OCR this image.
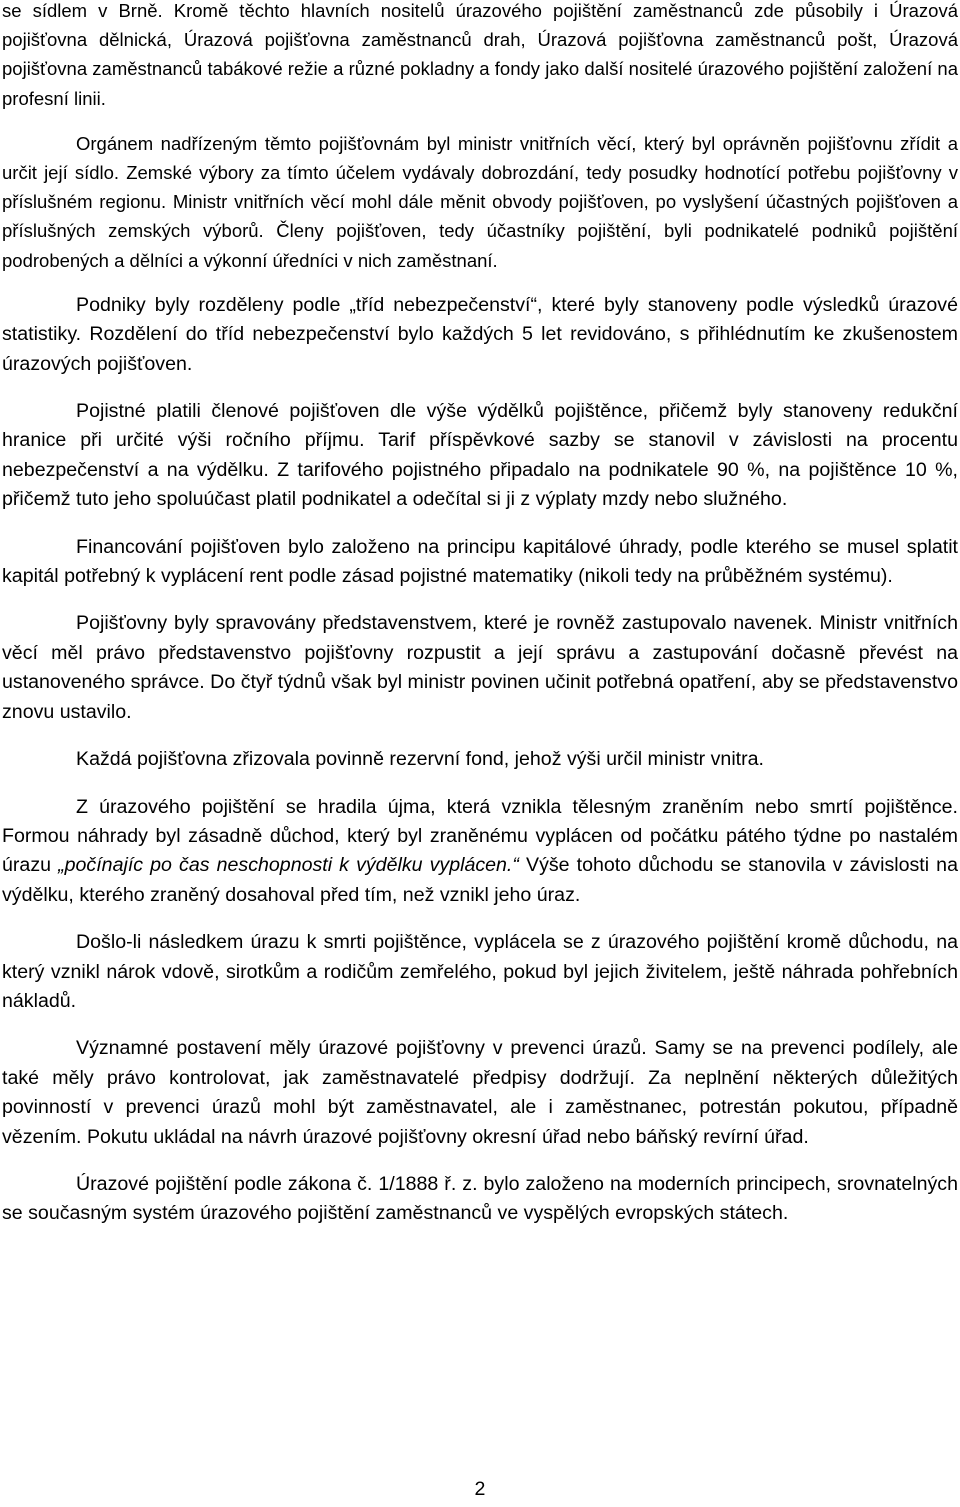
se sídlem v Brně. Kromě těchto hlavních nositelů úrazového pojištění zaměstnanců zde působily i Úrazová pojišťovna dělnická, Úrazová pojišťovna zaměstnanců drah, Úrazová pojišťovna zaměstnanců pošt, Úrazová pojišťovna zaměstnanců tabákové režie a různé pokladny a fondy jako další nositelé úrazového pojištění založení na profesní linii.

Orgánem nadřízeným těmto pojišťovnám byl ministr vnitřních věcí, který byl oprávněn pojišťovnu zřídit a určit její sídlo. Zemské výbory za tímto účelem vydávaly dobrozdání, tedy posudky hodnotící potřebu pojišťovny v příslušném regionu. Ministr vnitřních věcí mohl dále měnit obvody pojišťoven, po vyslyšení účastných pojišťoven a příslušných zemských výborů. Členy pojišťoven, tedy účastníky pojištění, byli podnikatelé podniků pojištění podrobených a dělníci a výkonní úředníci v nich zaměstnaní.

Podniky byly rozděleny podle „tříd nebezpečenství“, které byly stanoveny podle výsledků úrazové statistiky. Rozdělení do tříd nebezpečenství bylo každých 5 let revidováno, s přihlédnutím ke zkušenostem úrazových pojišťoven.

Pojistné platili členové pojišťoven dle výše výdělků pojištěnce, přičemž byly stanoveny redukční hranice při určité výši ročního příjmu. Tarif příspěvkové sazby se stanovil v závislosti na procentu nebezpečenství a na výdělku. Z tarifového pojistného připadalo na podnikatele 90 %, na pojištěnce 10 %, přičemž tuto jeho spoluúčast platil podnikatel a odečítal si ji z výplaty mzdy nebo služného.

Financování pojišťoven bylo založeno na principu kapitálové úhrady, podle kterého se musel splatit kapitál potřebný k vyplácení rent podle zásad pojistné matematiky (nikoli tedy na průběžném systému).

Pojišťovny byly spravovány představenstvem, které je rovněž zastupovalo navenek. Ministr vnitřních věcí měl právo představenstvo pojišťovny rozpustit a její správu a zastupování dočasně převést na ustanoveného správce. Do čtyř týdnů však byl ministr povinen učinit potřebná opatření, aby se představenstvo znovu ustavilo.

Každá pojišťovna zřizovala povinně rezervní fond, jehož výši určil ministr vnitra.

Z úrazového pojištění se hradila újma, která vznikla tělesným zraněním nebo smrtí pojištěnce. Formou náhrady byl zásadně důchod, který byl zraněnému vyplácen od počátku pátého týdne po nastalém úrazu „počínajíc po čas neschopnosti k výdělku vyplácen.“ Výše tohoto důchodu se stanovila v závislosti na výdělku, kterého zraněný dosahoval před tím, než vznikl jeho úraz.

Došlo-li následkem úrazu k smrti pojištěnce, vyplácela se z úrazového pojištění kromě důchodu, na který vznikl nárok vdově, sirotkům a rodičům zemřelého, pokud byl jejich živitelem, ještě náhrada pohřebních nákladů.

Významné postavení měly úrazové pojišťovny v prevenci úrazů. Samy se na prevenci podílely, ale také měly právo kontrolovat, jak zaměstnavatelé předpisy dodržují. Za neplnění některých důležitých povinností v prevenci úrazů mohl být zaměstnavatel, ale i zaměstnanec, potrestán pokutou, případně vězením. Pokutu ukládal na návrh úrazové pojišťovny okresní úřad nebo báňský revírní úřad.

Úrazové pojištění podle zákona č. 1/1888 ř. z. bylo založeno na moderních principech, srovnatelných se současným systém úrazového pojištění zaměstnanců ve vyspělých evropských státech.

2
